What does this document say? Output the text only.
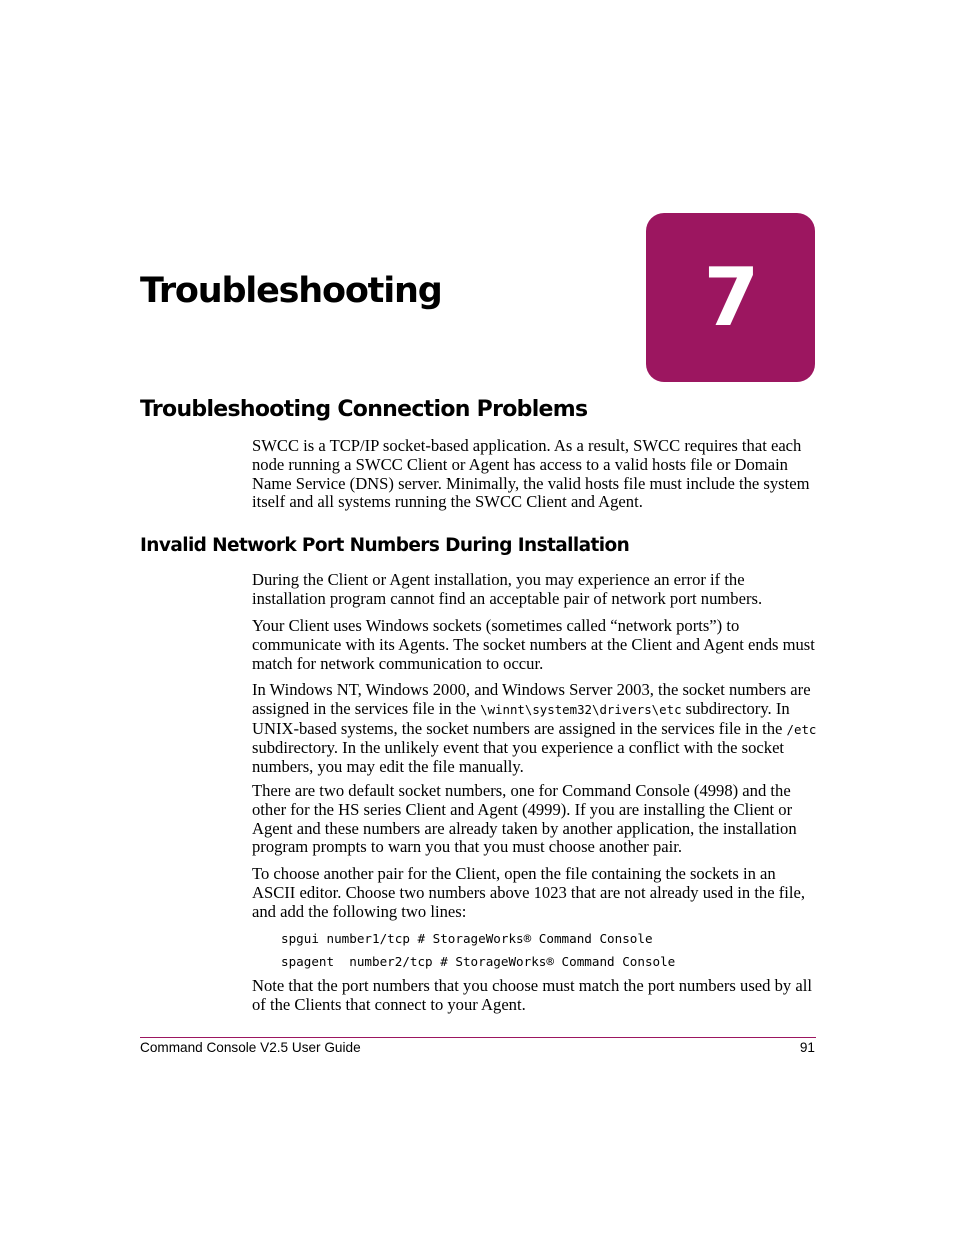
7
Troubleshooting
Troubleshooting Connection Problems

SWCC is a TCP/IP socket-based application. As a result, SWCC requires that each node running a SWCC Client or Agent has access to a valid hosts file or Domain Name Service (DNS) server. Minimally, the valid hosts file must include the system itself and all systems running the SWCC Client and Agent.

Invalid Network Port Numbers During Installation

During the Client or Agent installation, you may experience an error if the installation program cannot find an acceptable pair of network port numbers.

Your Client uses Windows sockets (sometimes called “network ports”) to communicate with its Agents. The socket numbers at the Client and Agent ends must match for network communication to occur.

In Windows NT, Windows 2000, and Windows Server 2003, the socket numbers are assigned in the services file in the \winnt\system32\drivers\etc subdirectory. In UNIX-based systems, the socket numbers are assigned in the services file in the /etc subdirectory. In the unlikely event that you experience a conflict with the socket numbers, you may edit the file manually.

There are two default socket numbers, one for Command Console (4998) and the other for the HS series Client and Agent (4999). If you are installing the Client or Agent and these numbers are already taken by another application, the installation program prompts to warn you that you must choose another pair.

To choose another pair for the Client, open the file containing the sockets in an ASCII editor. Choose two numbers above 1023 that are not already used in the file, and add the following two lines:

spgui number1/tcp # StorageWorks® Command Console
spagent  number2/tcp # StorageWorks® Command Console

Note that the port numbers that you choose must match the port numbers used by all of the Clients that connect to your Agent.

Command Console V2.5 User Guide	91
